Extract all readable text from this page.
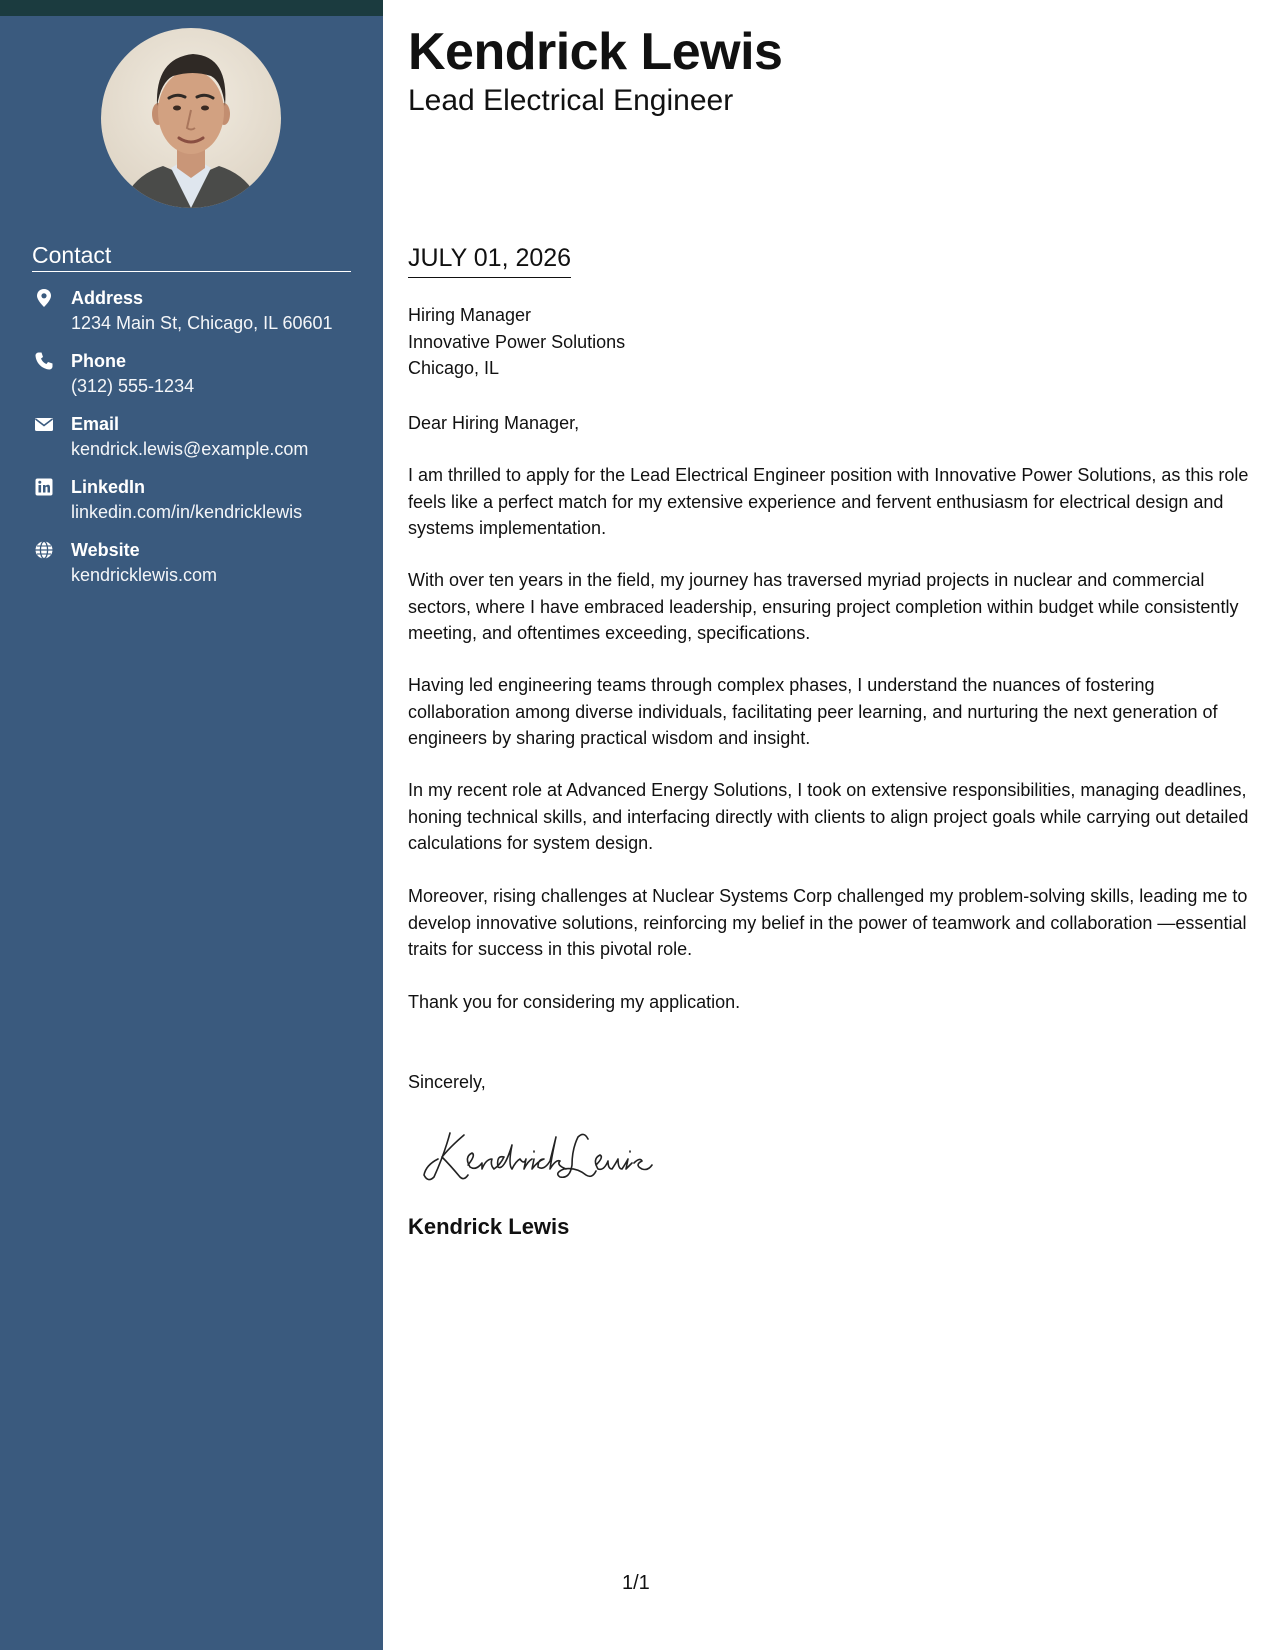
Contact
Address
1234 Main St, Chicago, IL 60601
Phone
(312) 555-1234
Email
kendrick.lewis@example.com
LinkedIn
linkedin.com/in/kendricklewis
Website
kendricklewis.com
Kendrick Lewis
Lead Electrical Engineer
JULY 01, 2026
Hiring Manager
Innovative Power Solutions
Chicago, IL

Dear Hiring Manager,

I am thrilled to apply for the Lead Electrical Engineer position with Innovative Power Solutions, as this role feels like a perfect match for my extensive experience and fervent enthusiasm for electrical design and systems implementation.

With over ten years in the field, my journey has traversed myriad projects in nuclear and commercial sectors, where I have embraced leadership, ensuring project completion within budget while consistently meeting, and oftentimes exceeding, specifications.

Having led engineering teams through complex phases, I understand the nuances of fostering collaboration among diverse individuals, facilitating peer learning, and nurturing the next generation of engineers by sharing practical wisdom and insight.

In my recent role at Advanced Energy Solutions, I took on extensive responsibilities, managing deadlines, honing technical skills, and interfacing directly with clients to align project goals while carrying out detailed calculations for system design.

Moreover, rising challenges at Nuclear Systems Corp challenged my problem-solving skills, leading me to develop innovative solutions, reinforcing my belief in the power of teamwork and collaboration —essential traits for success in this pivotal role.

Thank you for considering my application.

Sincerely,

Kendrick Lewis
1/1
